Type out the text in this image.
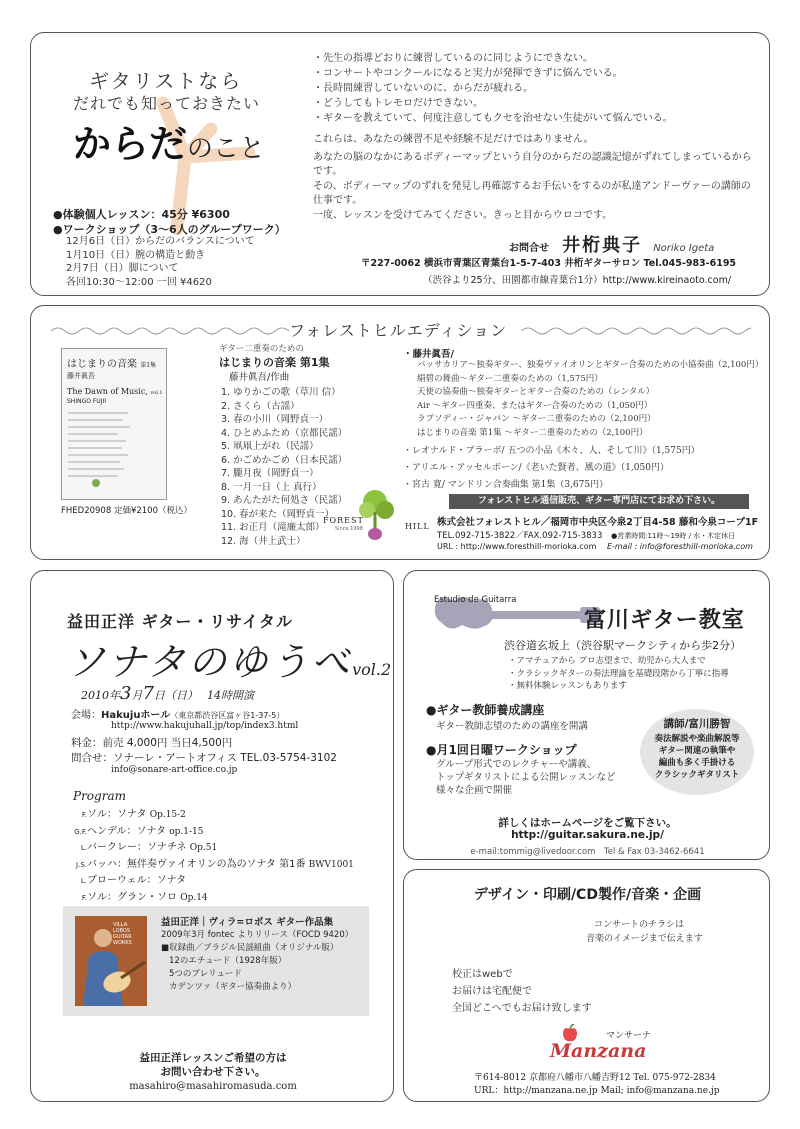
ギタリストなら
だれでも知っておきたい
からだのこと
●体験個人レッスン：45分 ¥6300
●ワークショップ（3〜6人のグループワーク）
12月6日（日）からだのバランスについて
1月10日（日）腕の構造と動き
2月7日（日）脚について
各回10:30〜12:00 一回 ¥4620
・先生の指導どおりに練習しているのに同じようにできない。
・コンサートやコンクールになると実力が発揮できずに悩んでいる。
・長時間練習していないのに、からだが疲れる。
・どうしてもトレモロだけできない。
・ギターを教えていて、何度注意してもクセを治せない生徒がいて悩んでいる。
これらは、あなたの練習不足や経験不足だけではありません。
あなたの脳のなかにあるボディーマップという自分のからだの認識記憶がずれてしまっているからです。
その、ボディーマップのずれを発見し再確認するお手伝いをするのが私達アンドーヴァーの講師の仕事です。
一度、レッスンを受けてみてください。きっと目からウロコです。
お問合せ 井桁典子 Noriko Igeta
〒227-0062 横浜市青葉区青葉台1-5-7-403 井桁ギターサロン Tel.045-983-6195
（渋谷より25分、田園都市線青葉台1分）http://www.kireinaoto.com/
フォレストヒルエディション
はじまりの音楽 第1集
藤井眞吾
The Dawn of Music, vol.1
SHINGO FUJII
FHED20908 定価¥2100（税込）
ギター二重奏のための
はじまりの音楽 第1集
藤井眞吾/作曲
1. ゆりかごの歌（草川 信）
2. さくら（古謡）
3. 春の小川（岡野貞一）
4. ひとめふため（京都民謡）
5. 凧凧上がれ（民謡）
6. かごめかごめ（日本民謡）
7. 朧月夜（岡野貞一）
8. 一月一日（上 真行）
9. あんたがた何処さ（民謡）
10. 春が来た（岡野貞一）
11. お正月（滝廉太郎）
12. 海（井上武士）
FOREST
HILL
Since 1998
・藤井眞吾/
バッサカリア〜独奏ギター、独奏ヴァイオリンとギター合奏のための小協奏曲（2,100円）
絹碧の舞曲〜ギター二重奏のための（1,575円）
天使の協奏曲〜独奏ギターとギター合奏のための（レンタル）
Air 〜ギター四重奏、またはギター合奏のための（1,050円）
ラプソディー・ジャパン 〜ギター二重奏のための（2,100円）
はじまりの音楽 第1集 〜ギター二重奏のための（2,100円）
・レオナルド・ブラーボ/ 五つの小品《木々、人、そして川》（1,575円）
・アリエル・アッセルボーン/《老いた賢者、風の道》（1,050円）
・宮古 寛/ マンドリン合奏曲集 第1集（3,675円）
フォレストヒル通信販売、ギター専門店にてお求め下さい。
株式会社フォレストヒル／福岡市中央区今泉2丁目4-58 藤和今泉コープ1F
TEL.092-715-3822／FAX.092-715-3833 ●営業時間:11時〜19時 / 水・木定休日
URL : http://www.foresthill-morioka.com E-mail : info@foresthill-morioka.com
益田正洋 ギター・リサイタル
ソナタのゆうべvol.2
2010年3月7日（日） 14時開演
会場：Hakujuホール（東京都渋谷区富ヶ谷1-37-5）
http://www.hakujuhall.jp/top/index3.html
料金：前売 4,000円 当日4,500円
問合せ：ソナーレ・アートオフィス TEL.03-5754-3102
info@sonare-art-office.co.jp
Program
F.ソル：ソナタ Op.15-2
G.F.ヘンデル：ソナタ op.1-15
L.バークレー：ソナチネ Op.51
J.S.バッハ：無伴奏ヴァイオリンの為のソナタ 第1番 BWV1001
L.ブローウェル：ソナタ
F.ソル：グラン・ソロ Op.14
VILLA-LOBOS GUITAR WORKS
益田正洋｜ヴィラ=ロボス ギター作品集
2009年3月 fontec よりリリース（FOCD 9420）
■収録曲／ブラジル民謡組曲（オリジナル版）
12のエチュード（1928年版）
5つのプレリュード
カデンツァ（ギター協奏曲より）
益田正洋レッスンご希望の方は
お問い合わせ下さい。
masahiro@masahiromasuda.com
Estudio de Guitarra
富川ギター教室
渋谷道玄坂上（渋谷駅マークシティから歩2分）
・アマチュアから プロ志望まで、幼児から大人まで
・クラシックギターの奏法理論を基礎段階から丁寧に指導
・無料体験レッスンもあります
●ギター教師養成講座
ギター教師志望のための講座を開講
●月1回日曜ワークショップ
グループ形式でのレクチャーや講義、
トップギタリストによる公開レッスンなど
様々な企画で開催
講師/富川勝智
奏法解説や楽曲解説等
ギター関連の執筆や
編曲も多く手掛ける
クラシックギタリスト
詳しくはホームページをご覧下さい。
http://guitar.sakura.ne.jp/
e-mail:tommig@livedoor.com　Tel & Fax 03-3462-6641
デザイン・印刷/CD製作/音楽・企画
コンサートのチラシは
音楽のイメージまで伝えます
校正はwebで
お届けは宅配便で
全国どこへでもお届け致します
マンサーナ
Manzana
〒614-8012 京都府八幡市八幡吉野12 Tel. 075-972-2834
URL：http://manzana.ne.jp Mail; info@manzana.ne.jp
